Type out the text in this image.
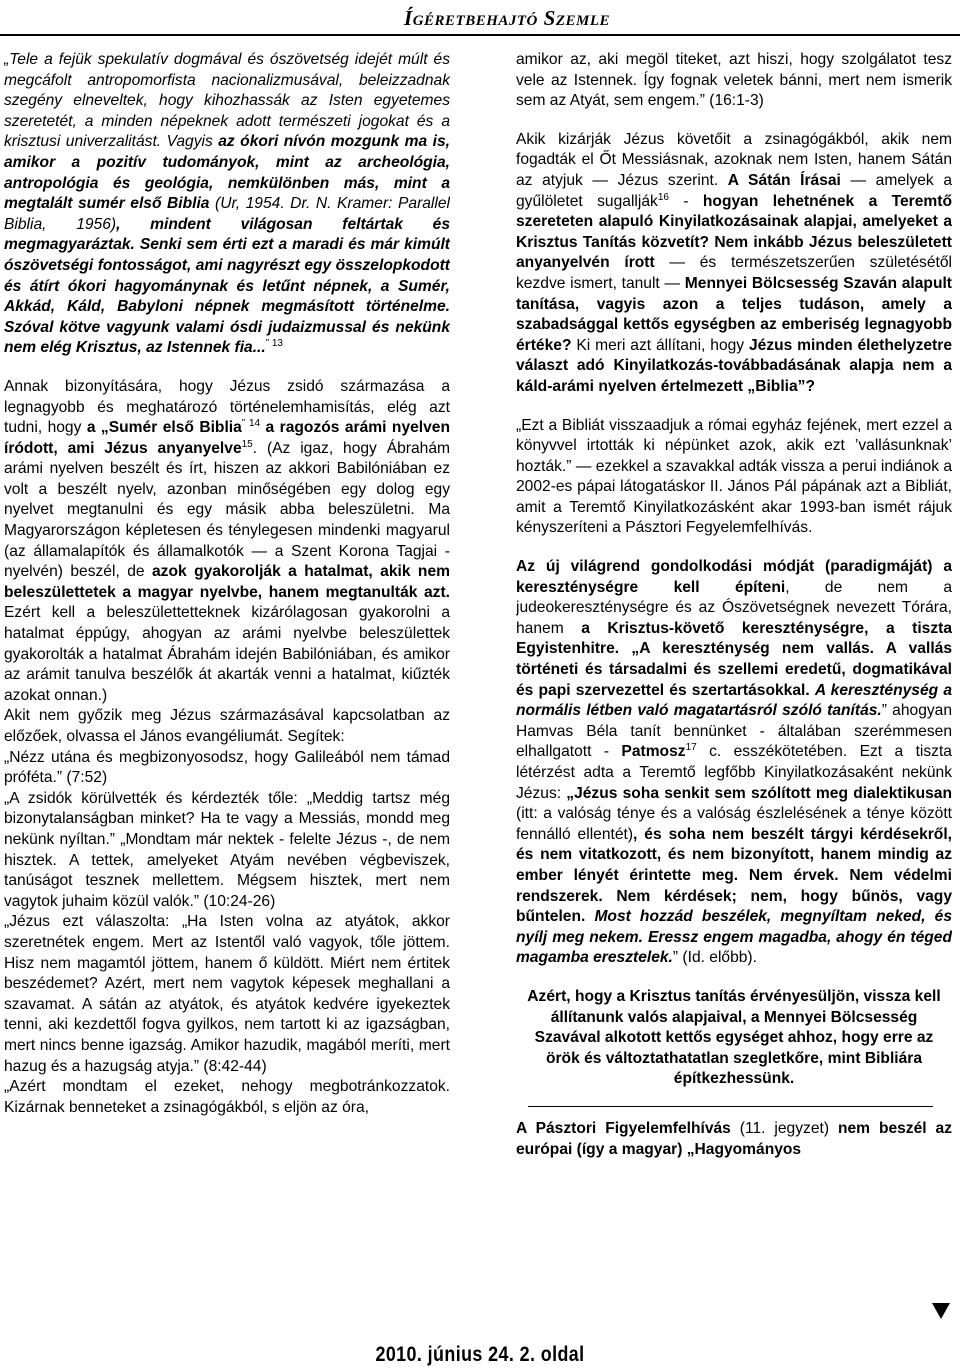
Ígéretbehajtó Szemle

„Tele a fejük spekulatív dogmával és ószövetség idejét múlt és megcáfolt antropomorfista nacionalizmusával, beleizzadnak szegény elneveltek, hogy kihozhassák az Isten egyetemes szeretetét, a minden népeknek adott természeti jogokat és a krisztusi univerzalitást. Vagyis az ókori nívón mozgunk ma is, amikor a pozitív tudományok, mint az archeológia, antropológia és geológia, nemkülönben más, mint a megtalált sumér első Biblia (Ur, 1954. Dr. N. Kramer: Parallel Biblia, 1956), mindent világosan feltártak és megmagyaráztak. Senki sem érti ezt a maradi és már kimúlt ószövetségi fontosságot, ami nagyrészt egy összelopkodott és átírt ókori hagyománynak és letűnt népnek, a Sumér, Akkád, Káld, Babyloni népnek megmásított történelme. Szóval kötve vagyunk valami ósdi judaizmussal és nekünk nem elég Krisztus, az Istennek fia...$^{” 13}$

Annak bizonyítására, hogy Jézus zsidó származása a legnagyobb és meghatározó történelemhamisítás, elég azt tudni, hogy a „Sumér első Biblia$^{” 14}$ a ragozós arámi nyelven íródott, ami Jézus anyanyelve$^{15}$. (Az igaz, hogy Ábrahám arámi nyelven beszélt és írt, hiszen az akkori Babilóniában ez volt a beszélt nyelv, azonban minőségében egy dolog egy nyelvet megtanulni és egy másik abba beleszületni. Ma Magyarországon képletesen és ténylegesen mindenki magyarul (az államalapítók és államalkotók — a Szent Korona Tagjai - nyelvén) beszél, de azok gyakorolják a hatalmat, akik nem beleszülettetek a magyar nyelvbe, hanem megtanulták azt. Ezért kell a beleszülettetteknek kizárólagosan gyakorolni a hatalmat éppúgy, ahogyan az arámi nyelvbe beleszülettek gyakorolták a hatalmat Ábrahám idején Babilóniában, és amikor az arámit tanulva beszélők át akarták venni a hatalmat, kiűzték azokat onnan.)

Akit nem győzik meg Jézus származásával kapcsolatban az előzőek, olvassa el János evangéliumát. Segítek:

„Nézz utána és megbizonyosodsz, hogy Galileából nem támad próféta.” (7:52)

„A zsidók körülvették és kérdezték tőle: „Meddig tartsz még bizonytalanságban minket? Ha te vagy a Messiás, mondd meg nekünk nyíltan.” „Mondtam már nektek - felelte Jézus -, de nem hisztek. A tettek, amelyeket Atyám nevében végbeviszek, tanúságot tesznek mellettem. Mégsem hisztek, mert nem vagytok juhaim közül valók.” (10:24-26)

„Jézus ezt válaszolta: „Ha Isten volna az atyátok, akkor szeretnétek engem. Mert az Istentől való vagyok, tőle jöttem. Hisz nem magamtól jöttem, hanem ő küldött. Miért nem értitek beszédemet? Azért, mert nem vagytok képesek meghallani a szavamat. A sátán az atyátok, és atyátok kedvére igyekeztek tenni, aki kezdettől fogva gyilkos, nem tartott ki az igazságban, mert nincs benne igazság. Amikor hazudik, magából meríti, mert hazug és a hazugság atyja.” (8:42-44)

„Azért mondtam el ezeket, nehogy megbotránkozzatok. Kizárnak benneteket a zsinagógákból, s eljön az óra,

amikor az, aki megöl titeket, azt hiszi, hogy szolgálatot tesz vele az Istennek. Így fognak veletek bánni, mert nem ismerik sem az Atyát, sem engem.” (16:1-3)

Akik kizárják Jézus követőit a zsinagógákból, akik nem fogadták el Őt Messiásnak, azoknak nem Isten, hanem Sátán az atyjuk — Jézus szerint. A Sátán Írásai — amelyek a gyűlöletet sugallják$^{16}$ - hogyan lehetnének a Teremtő szereteten alapuló Kinyilatkozásainak alapjai, amelyeket a Krisztus Tanítás közvetít? Nem inkább Jézus beleszületett anyanyelvén írott — és természetszerűen születésétől kezdve ismert, tanult — Mennyei Bölcsesség Szaván alapult tanítása, vagyis azon a teljes tudáson, amely a szabadsággal kettős egységben az emberiség legnagyobb értéke? Ki meri azt állítani, hogy Jézus minden élethelyzetre választ adó Kinyilatkozás-továbbadásának alapja nem a káld-arámi nyelven értelmezett „Biblia”?

„Ezt a Bibliát visszaadjuk a római egyház fejének, mert ezzel a könyvvel irtották ki népünket azok, akik ezt ’vallásunknak’ hozták.” — ezekkel a szavakkal adták vissza a perui indiánok a 2002-es pápai látogatáskor II. János Pál pápának azt a Bibliát, amit a Teremtő Kinyilatkozásként akar 1993-ban ismét rájuk kényszeríteni a Pásztori Fegyelemfelhívás.

Az új világrend gondolkodási módját (paradigmáját) a kereszténységre kell építeni, de nem a judeokereszténységre és az Ószövetségnek nevezett Tórára, hanem a Krisztus-követő kereszténységre, a tiszta Egyistenhitre. „A kereszténység nem vallás. A vallás történeti és társadalmi és szellemi eredetű, dogmatikával és papi szervezettel és szertartásokkal. A kereszténység a normális létben való magatartásról szóló tanítás.” ahogyan Hamvas Béla tanít bennünket - általában szerémmesen elhallgatott - Patmosz$^{17}$ c. esszékötetében. Ezt a tiszta létérzést adta a Teremtő legfőbb Kinyilatkozásaként nekünk Jézus: „Jézus soha senkit sem szólított meg dialektikusan (itt: a valóság ténye és a valóság észlelésének a ténye között fennálló ellentét), és soha nem beszélt tárgyi kérdésekről, és nem vitatkozott, és nem bizonyított, hanem mindig az ember lényét érintette meg. Nem érvek. Nem védelmi rendszerek. Nem kérdések; nem, hogy bűnös, vagy bűntelen. Most hozzád beszélek, megnyíltam neked, és nyílj meg nekem. Eressz engem magadba, ahogy én téged magamba eresztelek.” (Id. előbb).

Azért, hogy a Krisztus tanítás érvényesüljön, vissza kell állítanunk valós alapjaival, a Mennyei Bölcsesség Szavával alkotott kettős egységet ahhoz, hogy erre az örök és változtathatatlan szegletkőre, mint Bibliára építkezhessünk.

A Pásztori Figyelemfelhívás (11. jegyzet) nem beszél az európai (így a magyar) „Hagyományos

2010. június 24. 2. oldal
